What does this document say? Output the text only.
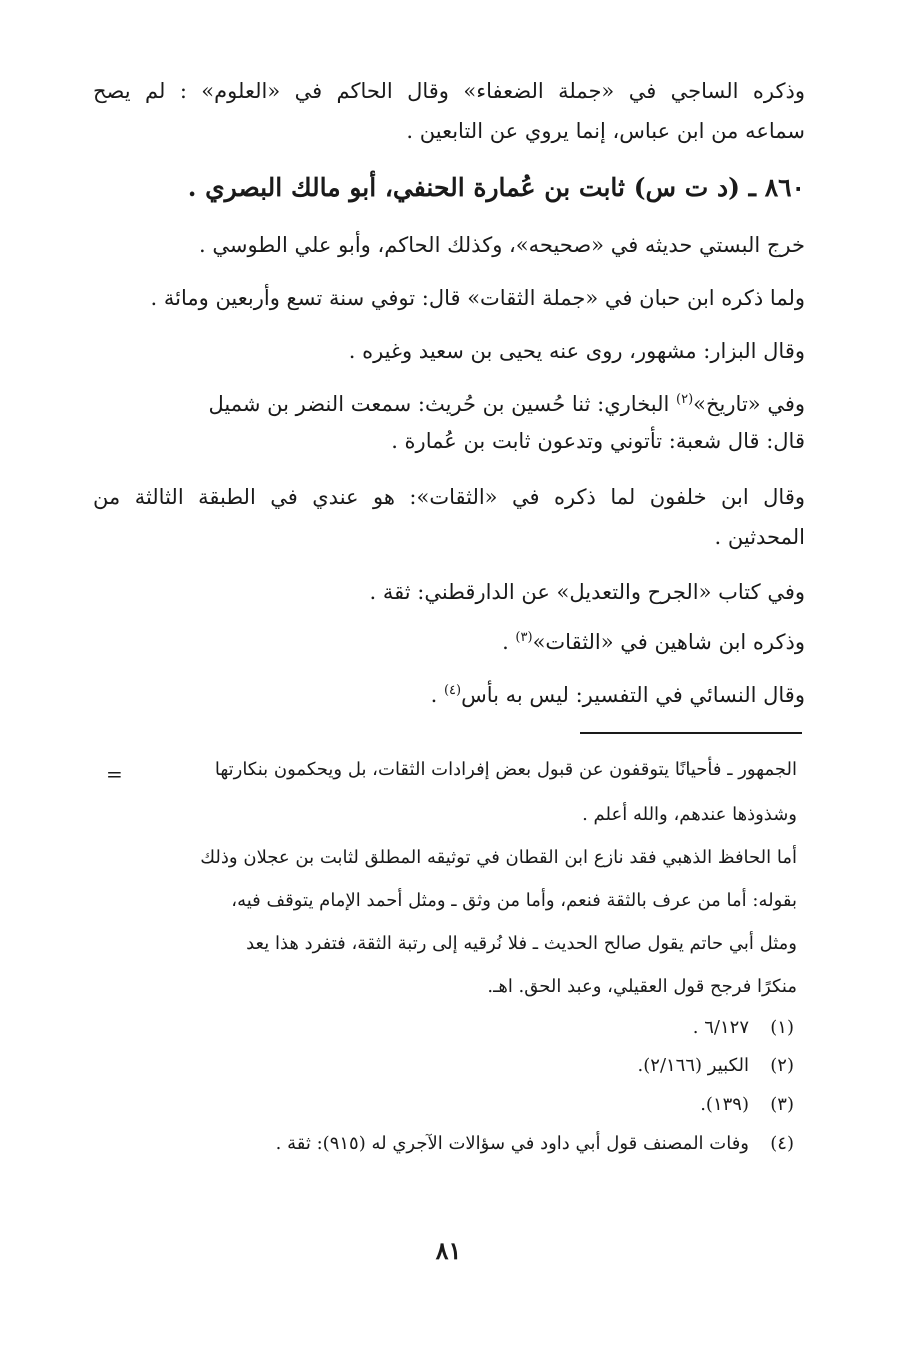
وذكره الساجي في «جملة الضعفاء» وقال الحاكم في «العلوم» : لم يصح
سماعه من ابن عباس، إنما يروي عن التابعين .
٨٦٠ ـ (د ت س) ثابت بن عُمارة الحنفي، أبو مالك البصري .
خرج البستي حديثه في «صحيحه»، وكذلك الحاكم، وأبو علي الطوسي .
ولما ذكره ابن حبان في «جملة الثقات» قال: توفي سنة تسع وأربعين ومائة .
وقال البزار: مشهور، روى عنه يحيى بن سعيد وغيره .
وفي «تاريخ»$^{(٢)}$ البخاري: ثنا حُسين بن حُريث: سمعت النضر بن شميل
قال: قال شعبة: تأتوني وتدعون ثابت بن عُمارة .
وقال ابن خلفون لما ذكره في «الثقات»: هو عندي في الطبقة الثالثة من
المحدثين .
وفي كتاب «الجرح والتعديل» عن الدارقطني: ثقة .
وذكره ابن شاهين في «الثقات»$^{(٣)}$ .
وقال النسائي في التفسير: ليس به بأس$^{(٤)}$ .
=	الجمهور ـ فأحيانًا يتوقفون عن قبول بعض إفرادات الثقات، بل ويحكمون بنكارتها
وشذوذها عندهم، والله أعلم .
أما الحافظ الذهبي فقد نازع ابن القطان في توثيقه المطلق لثابت بن عجلان وذلك
بقوله: أما من عرف بالثقة فنعم، وأما من وثق ـ ومثل أحمد الإمام يتوقف فيه،
ومثل أبي حاتم يقول صالح الحديث ـ فلا نُرقيه إلى رتبة الثقة، فتفرد هذا يعد
منكرًا فرجح قول العقيلي، وعبد الحق. اهـ.
(١)
٦/١٢٧ .
(٢)
الكبير (٢/١٦٦).
(٣)
(١٣٩).
(٤)
وفات المصنف قول أبي داود في سؤالات الآجري له (٩١٥): ثقة .
٨١
